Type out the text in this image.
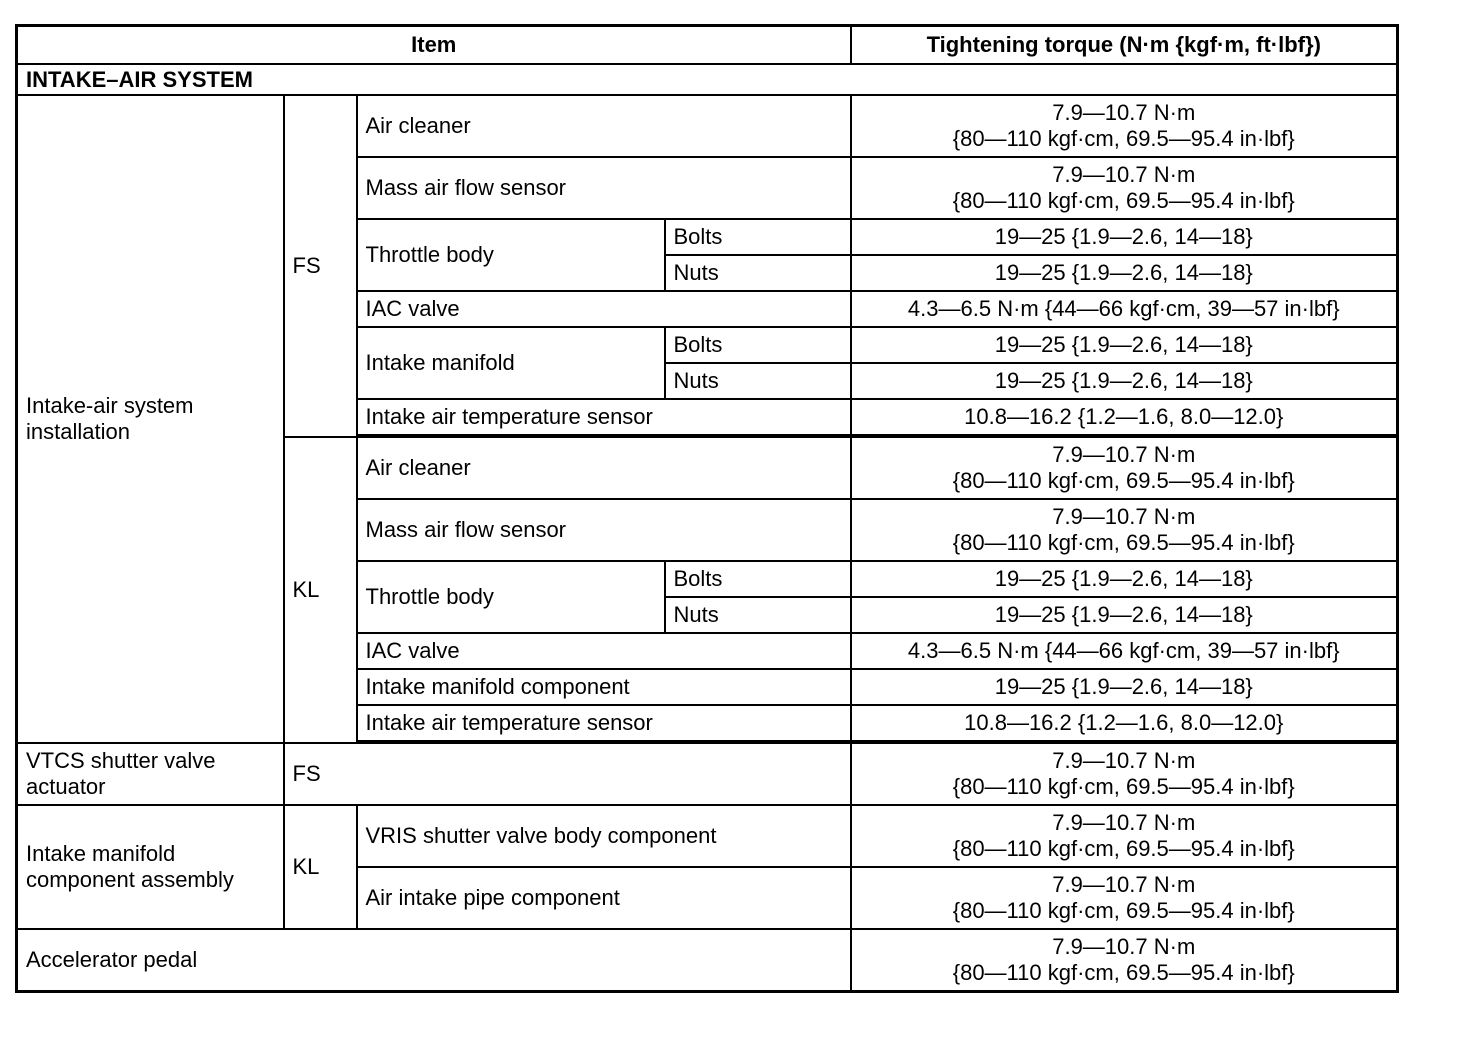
Item				Tightening torque (N·m {kgf·m, ft·lbf})
INTAKE–AIR SYSTEM				
Intake-air system installation	FS	Air cleaner		7.9—10.7 N·m
{80—110 kgf·cm, 69.5—95.4 in·lbf}

		Mass air flow sensor		7.9—10.7 N·m
{80—110 kgf·cm, 69.5—95.4 in·lbf}

		Throttle body	Bolts	19—25 {1.9—2.6, 14—18}
			Nuts	19—25 {1.9—2.6, 14—18}
		IAC valve		4.3—6.5 N·m {44—66 kgf·cm, 39—57 in·lbf}
		Intake manifold	Bolts	19—25 {1.9—2.6, 14—18}
			Nuts	19—25 {1.9—2.6, 14—18}
		Intake air temperature sensor		10.8—16.2 {1.2—1.6, 8.0—12.0}

	KL	Air cleaner		7.9—10.7 N·m
{80—110 kgf·cm, 69.5—95.4 in·lbf}

		Mass air flow sensor		7.9—10.7 N·m
{80—110 kgf·cm, 69.5—95.4 in·lbf}

		Throttle body	Bolts	19—25 {1.9—2.6, 14—18}
			Nuts	19—25 {1.9—2.6, 14—18}
		IAC valve		4.3—6.5 N·m {44—66 kgf·cm, 39—57 in·lbf}
		Intake manifold component		19—25 {1.9—2.6, 14—18}
		Intake air temperature sensor		10.8—16.2 {1.2—1.6, 8.0—12.0}

VTCS shutter valve actuator	FS			7.9—10.7 N·m
{80—110 kgf·cm, 69.5—95.4 in·lbf}

Intake manifold component assembly	KL	VRIS shutter valve body component		7.9—10.7 N·m
{80—110 kgf·cm, 69.5—95.4 in·lbf}

		Air intake pipe component		7.9—10.7 N·m
{80—110 kgf·cm, 69.5—95.4 in·lbf}

Accelerator pedal				7.9—10.7 N·m
{80—110 kgf·cm, 69.5—95.4 in·lbf}
